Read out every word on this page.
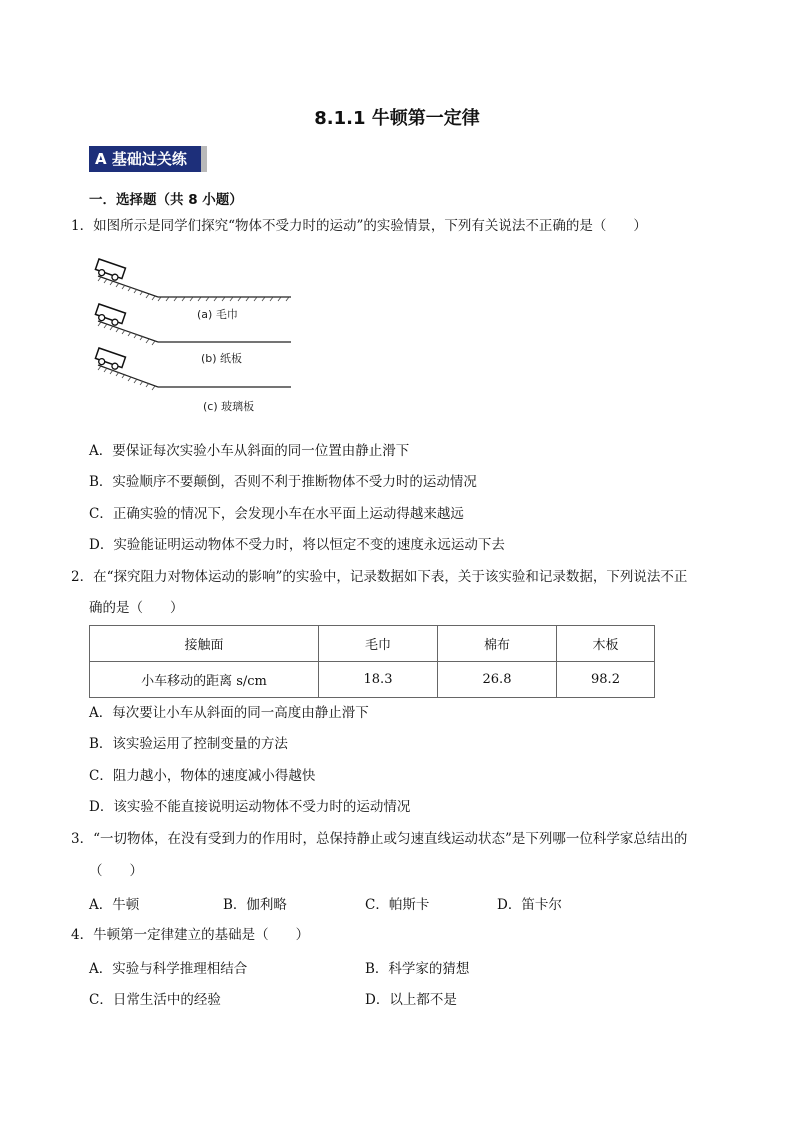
8.1.1 牛顿第一定律
A 基础过关练
一．选择题（共 8 小题）
1．如图所示是同学们探究“物体不受力时的运动”的实验情景，下列有关说法不正确的是（　　）
(a) 毛巾
(b) 纸板
(c) 玻璃板
A．要保证每次实验小车从斜面的同一位置由静止滑下
B．实验顺序不要颠倒，否则不利于推断物体不受力时的运动情况
C．正确实验的情况下，会发现小车在水平面上运动得越来越远
D．实验能证明运动物体不受力时，将以恒定不变的速度永远运动下去
2．在“探究阻力对物体运动的影响”的实验中，记录数据如下表，关于该实验和记录数据，下列说法不正
确的是（　　）
接触面	毛巾	棉布	木板
小车移动的距离 s/cm	18.3	26.8	98.2
A．每次要让小车从斜面的同一高度由静止滑下
B．该实验运用了控制变量的方法
C．阻力越小，物体的速度减小得越快
D．该实验不能直接说明运动物体不受力时的运动情况
3．“一切物体，在没有受到力的作用时，总保持静止或匀速直线运动状态”是下列哪一位科学家总结出的
（　　）
A．牛顿	B．伽利略	C．帕斯卡	D．笛卡尔
4．牛顿第一定律建立的基础是（　　）
A．实验与科学推理相结合	B．科学家的猜想
C．日常生活中的经验	D．以上都不是
